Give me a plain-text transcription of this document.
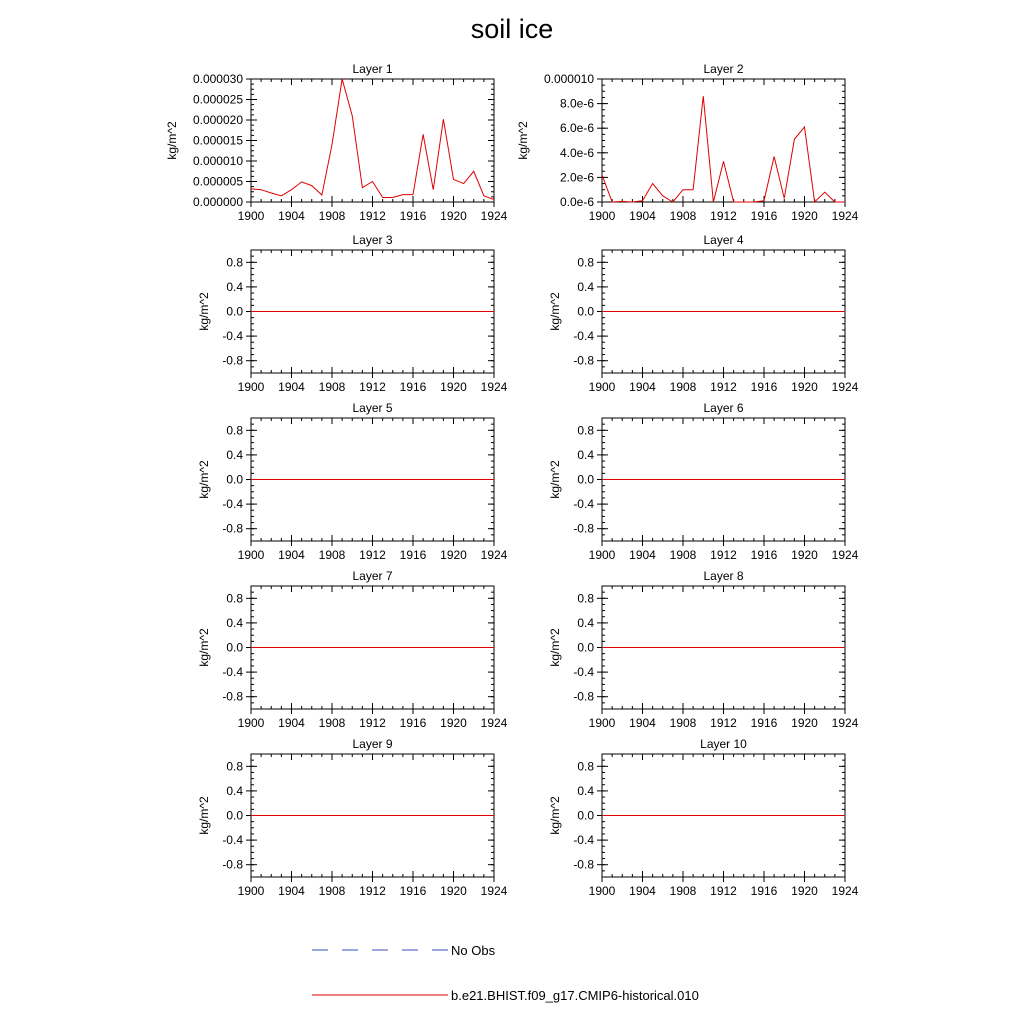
soil ice
Layer 1
kg/m^2
1900 1904 1908 1912 1916 1920 1924
0.000000
0.000005
0.000010
0.000015
0.000020
0.000025
0.000030
Layer 2
kg/m^2
1900 1904 1908 1912 1916 1920 1924
0.0e-6
2.0e-6
4.0e-6
6.0e-6
8.0e-6
0.000010
Layer 3
kg/m^2
1900 1904 1908 1912 1916 1920 1924
-0.8
-0.4
0.0
0.4
0.8
Layer 4
kg/m^2
1900 1904 1908 1912 1916 1920 1924
-0.8
-0.4
0.0
0.4
0.8
Layer 5
kg/m^2
1900 1904 1908 1912 1916 1920 1924
-0.8
-0.4
0.0
0.4
0.8
Layer 6
kg/m^2
1900 1904 1908 1912 1916 1920 1924
-0.8
-0.4
0.0
0.4
0.8
Layer 7
kg/m^2
1900 1904 1908 1912 1916 1920 1924
-0.8
-0.4
0.0
0.4
0.8
Layer 8
kg/m^2
1900 1904 1908 1912 1916 1920 1924
-0.8
-0.4
0.0
0.4
0.8
Layer 9
kg/m^2
1900 1904 1908 1912 1916 1920 1924
-0.8
-0.4
0.0
0.4
0.8
Layer 10
kg/m^2
1900 1904 1908 1912 1916 1920 1924
-0.8
-0.4
0.0
0.4
0.8
No Obs
b.e21.BHIST.f09_g17.CMIP6-historical.010
